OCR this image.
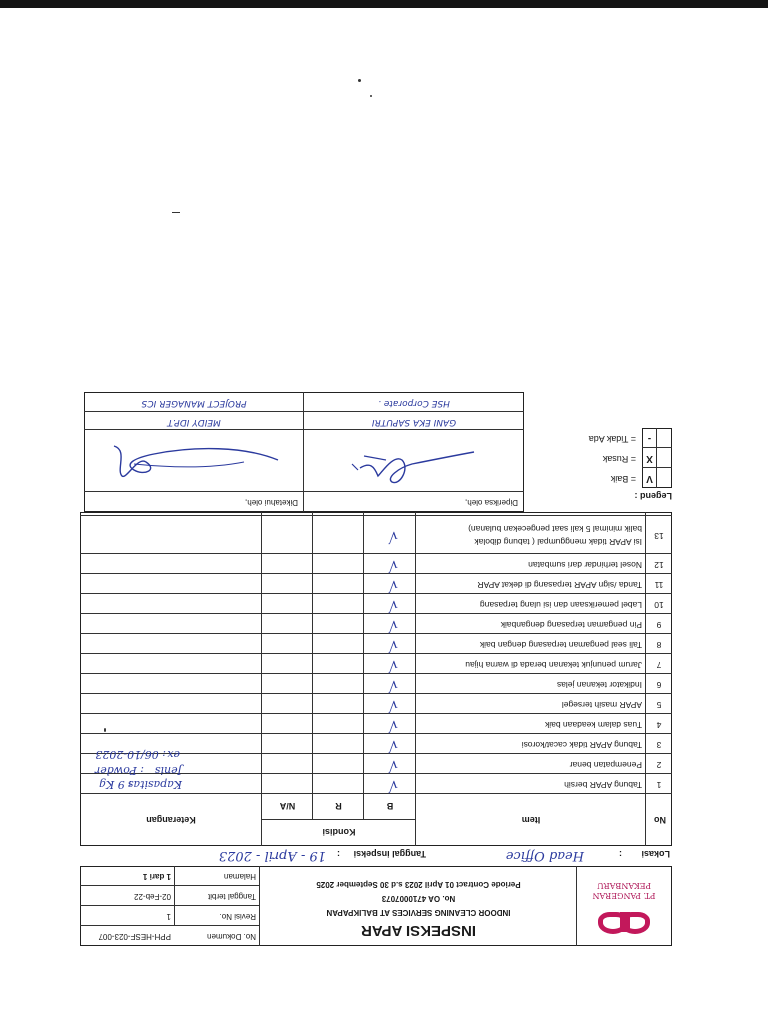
PT. PANGERAN PEKANBARU
INSPEKSI APAR
INDOOR CLEANING SERVICES AT BALIKPAPAN
No. OA 4710007073
Periode Contract 01 April 2023 s.d 30 September 2025
No. Dokumen
PPH-HESF-023-007
Revisi No.
1
Tanggal terbit
02-Feb-22
Halaman
1 dari 1
Lokasi
:
Head Office
Tanggal inspeksi
:
19 - April - 2023
No
Item
Kondisi
B
R
N/A
Keterangan
1
Tabung APAR bersih
√
2
Penempatan benar
√
3
Tabung APAR tidak cacat/korosi
√
4
Tuas dalam keadaan baik
√
5
APAR masih tersegel
√
6
Indikator tekanan jelas
√
7
Jarum penunjuk tekanan berada di warna hijau
√
8
Tali seal pengaman terpasang dengan baik
√
9
Pin pengaman terpasang denganbaik
√
10
Label pemeriksaan dan isi ulang terpasang
√
11
Tanda /sign APAR terpasang di dekat APAR
√
12
Nosel terhindar dari sumbatan
√
13
Isi APAR tidak menggumpal ( tabung dibolak
balik minimal 5 kali saat pengecekan bulanan)
√
Kapasitas
: 9 Kg
Jenis
: Powder
ex
: 06/10-2023
Legend :
V
= Baik
X
= Rusak
-
= Tidak Ada
Diperiksa oleh,
Diketahui oleh,
GANI EKA SAPUTRI
HSE Corporate .
MEIDY IDP.T
PROJECT MANAGER ICS
